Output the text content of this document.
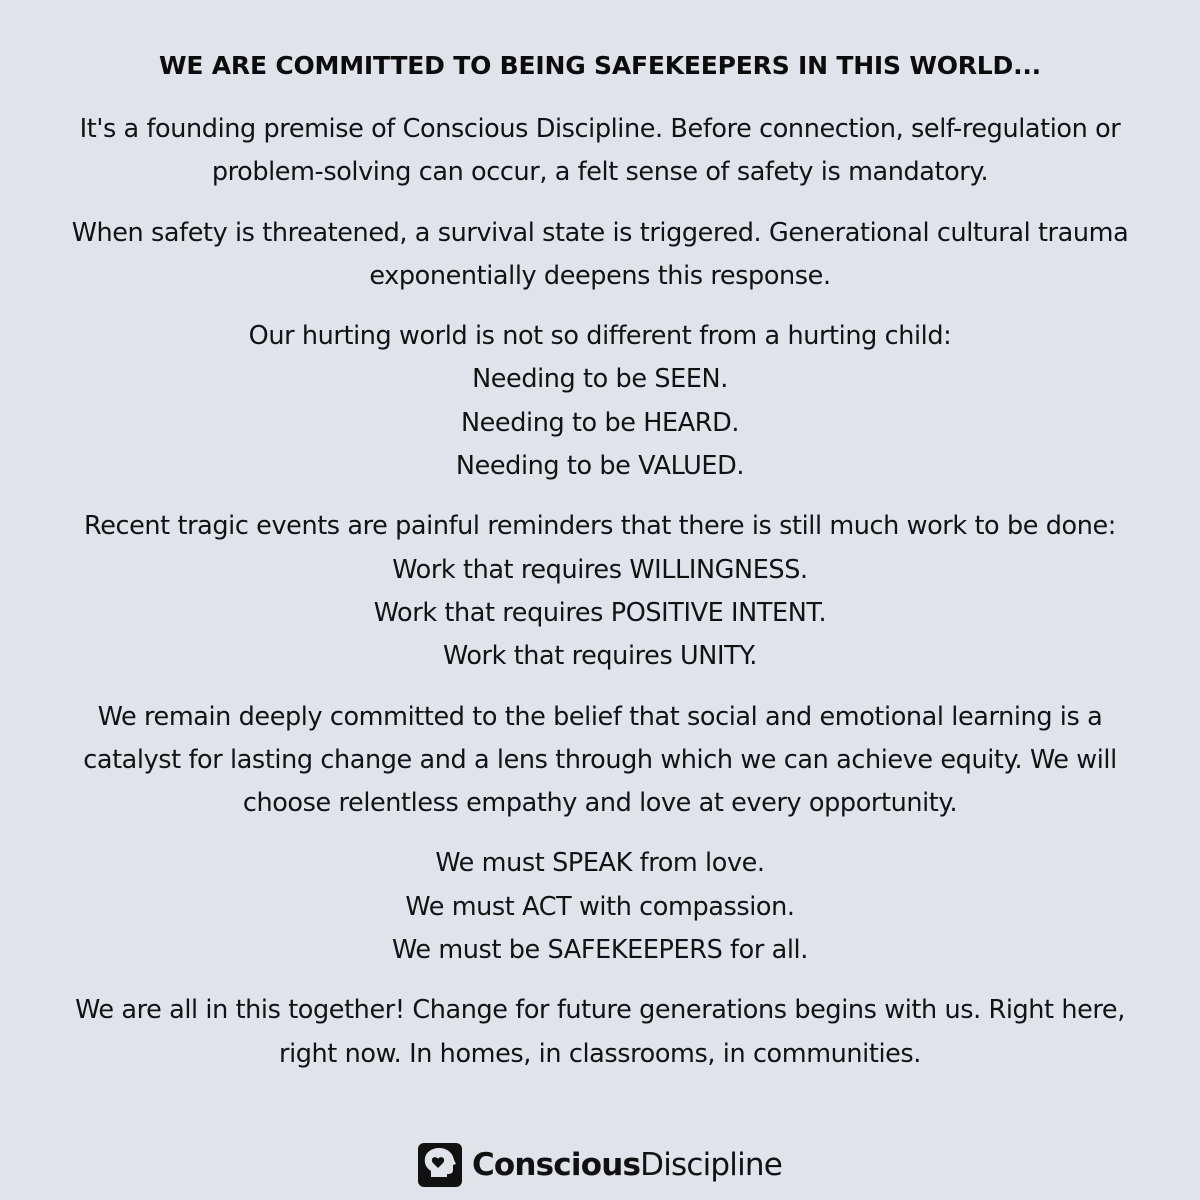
WE ARE COMMITTED TO BEING SAFEKEEPERS IN THIS WORLD...

It's a founding premise of Conscious Discipline. Before connection, self-regulation or
problem-solving can occur, a felt sense of safety is mandatory.

When safety is threatened, a survival state is triggered. Generational cultural trauma
exponentially deepens this response.

Our hurting world is not so different from a hurting child:
Needing to be SEEN.
Needing to be HEARD.
Needing to be VALUED.

Recent tragic events are painful reminders that there is still much work to be done:
Work that requires WILLINGNESS.
Work that requires POSITIVE INTENT.
Work that requires UNITY.

We remain deeply committed to the belief that social and emotional learning is a
catalyst for lasting change and a lens through which we can achieve equity. We will
choose relentless empathy and love at every opportunity.

We must SPEAK from love.
We must ACT with compassion.
We must be SAFEKEEPERS for all.

We are all in this together! Change for future generations begins with us. Right here,
right now. In homes, in classrooms, in communities.

ConsciousDiscipline
